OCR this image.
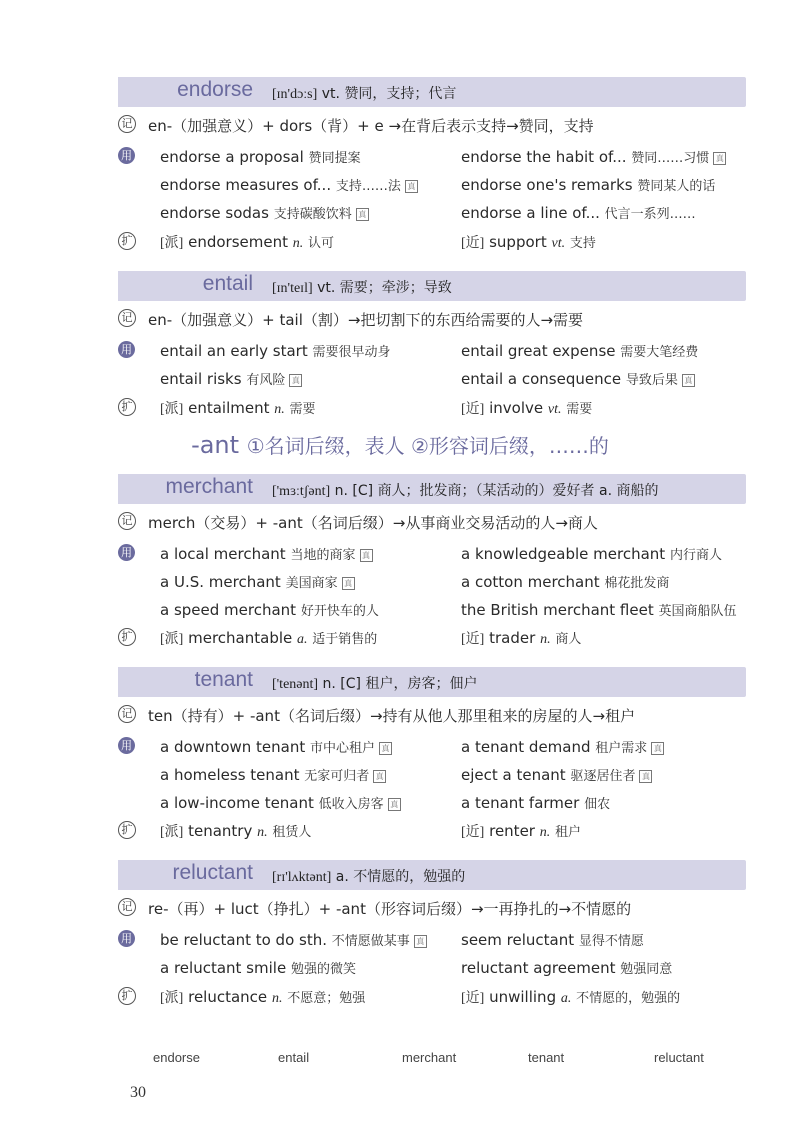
endorse [ɪn'dɔːs] vt. 赞同，支持；代言
记 en-（加强意义）+ dors（背）+ e →在背后表示支持→赞同，支持
用 endorse a proposal 赞同提案	endorse the habit of... 赞同……习惯 真
endorse measures of... 支持……法 真	endorse one's remarks 赞同某人的话
endorse sodas 支持碳酸饮料 真	endorse a line of... 代言一系列……
扩 [派] endorsement n. 认可	[近] support vt. 支持
entail [ɪn'teɪl] vt. 需要；牵涉；导致
记 en-（加强意义）+ tail（割）→把切割下的东西给需要的人→需要
用 entail an early start 需要很早动身	entail great expense 需要大笔经费
entail risks 有风险 真	entail a consequence 导致后果 真
扩 [派] entailment n. 需要	[近] involve vt. 需要
-ant ①名词后缀，表人 ②形容词后缀，……的
merchant ['mɜːtʃənt] n. [C] 商人；批发商；（某活动的）爱好者 a. 商船的
记 merch（交易）+ -ant（名词后缀）→从事商业交易活动的人→商人
用 a local merchant 当地的商家 真	a knowledgeable merchant 内行商人
a U.S. merchant 美国商家 真	a cotton merchant 棉花批发商
a speed merchant 好开快车的人	the British merchant fleet 英国商船队伍
扩 [派] merchantable a. 适于销售的	[近] trader n. 商人
tenant ['tenənt] n. [C] 租户，房客；佃户
记 ten（持有）+ -ant（名词后缀）→持有从他人那里租来的房屋的人→租户
用 a downtown tenant 市中心租户 真	a tenant demand 租户需求 真
a homeless tenant 无家可归者 真	eject a tenant 驱逐居住者 真
a low-income tenant 低收入房客 真	a tenant farmer 佃农
扩 [派] tenantry n. 租赁人	[近] renter n. 租户
reluctant [rɪ'lʌktənt] a. 不情愿的，勉强的
记 re-（再）+ luct（挣扎）+ -ant（形容词后缀）→一再挣扎的→不情愿的
用 be reluctant to do sth. 不情愿做某事 真 seem reluctant 显得不情愿
a reluctant smile 勉强的微笑	reluctant agreement 勉强同意
扩 [派] reluctance n. 不愿意；勉强	[近] unwilling a. 不情愿的，勉强的
endorse	entail	merchant	tenant	reluctant
30
